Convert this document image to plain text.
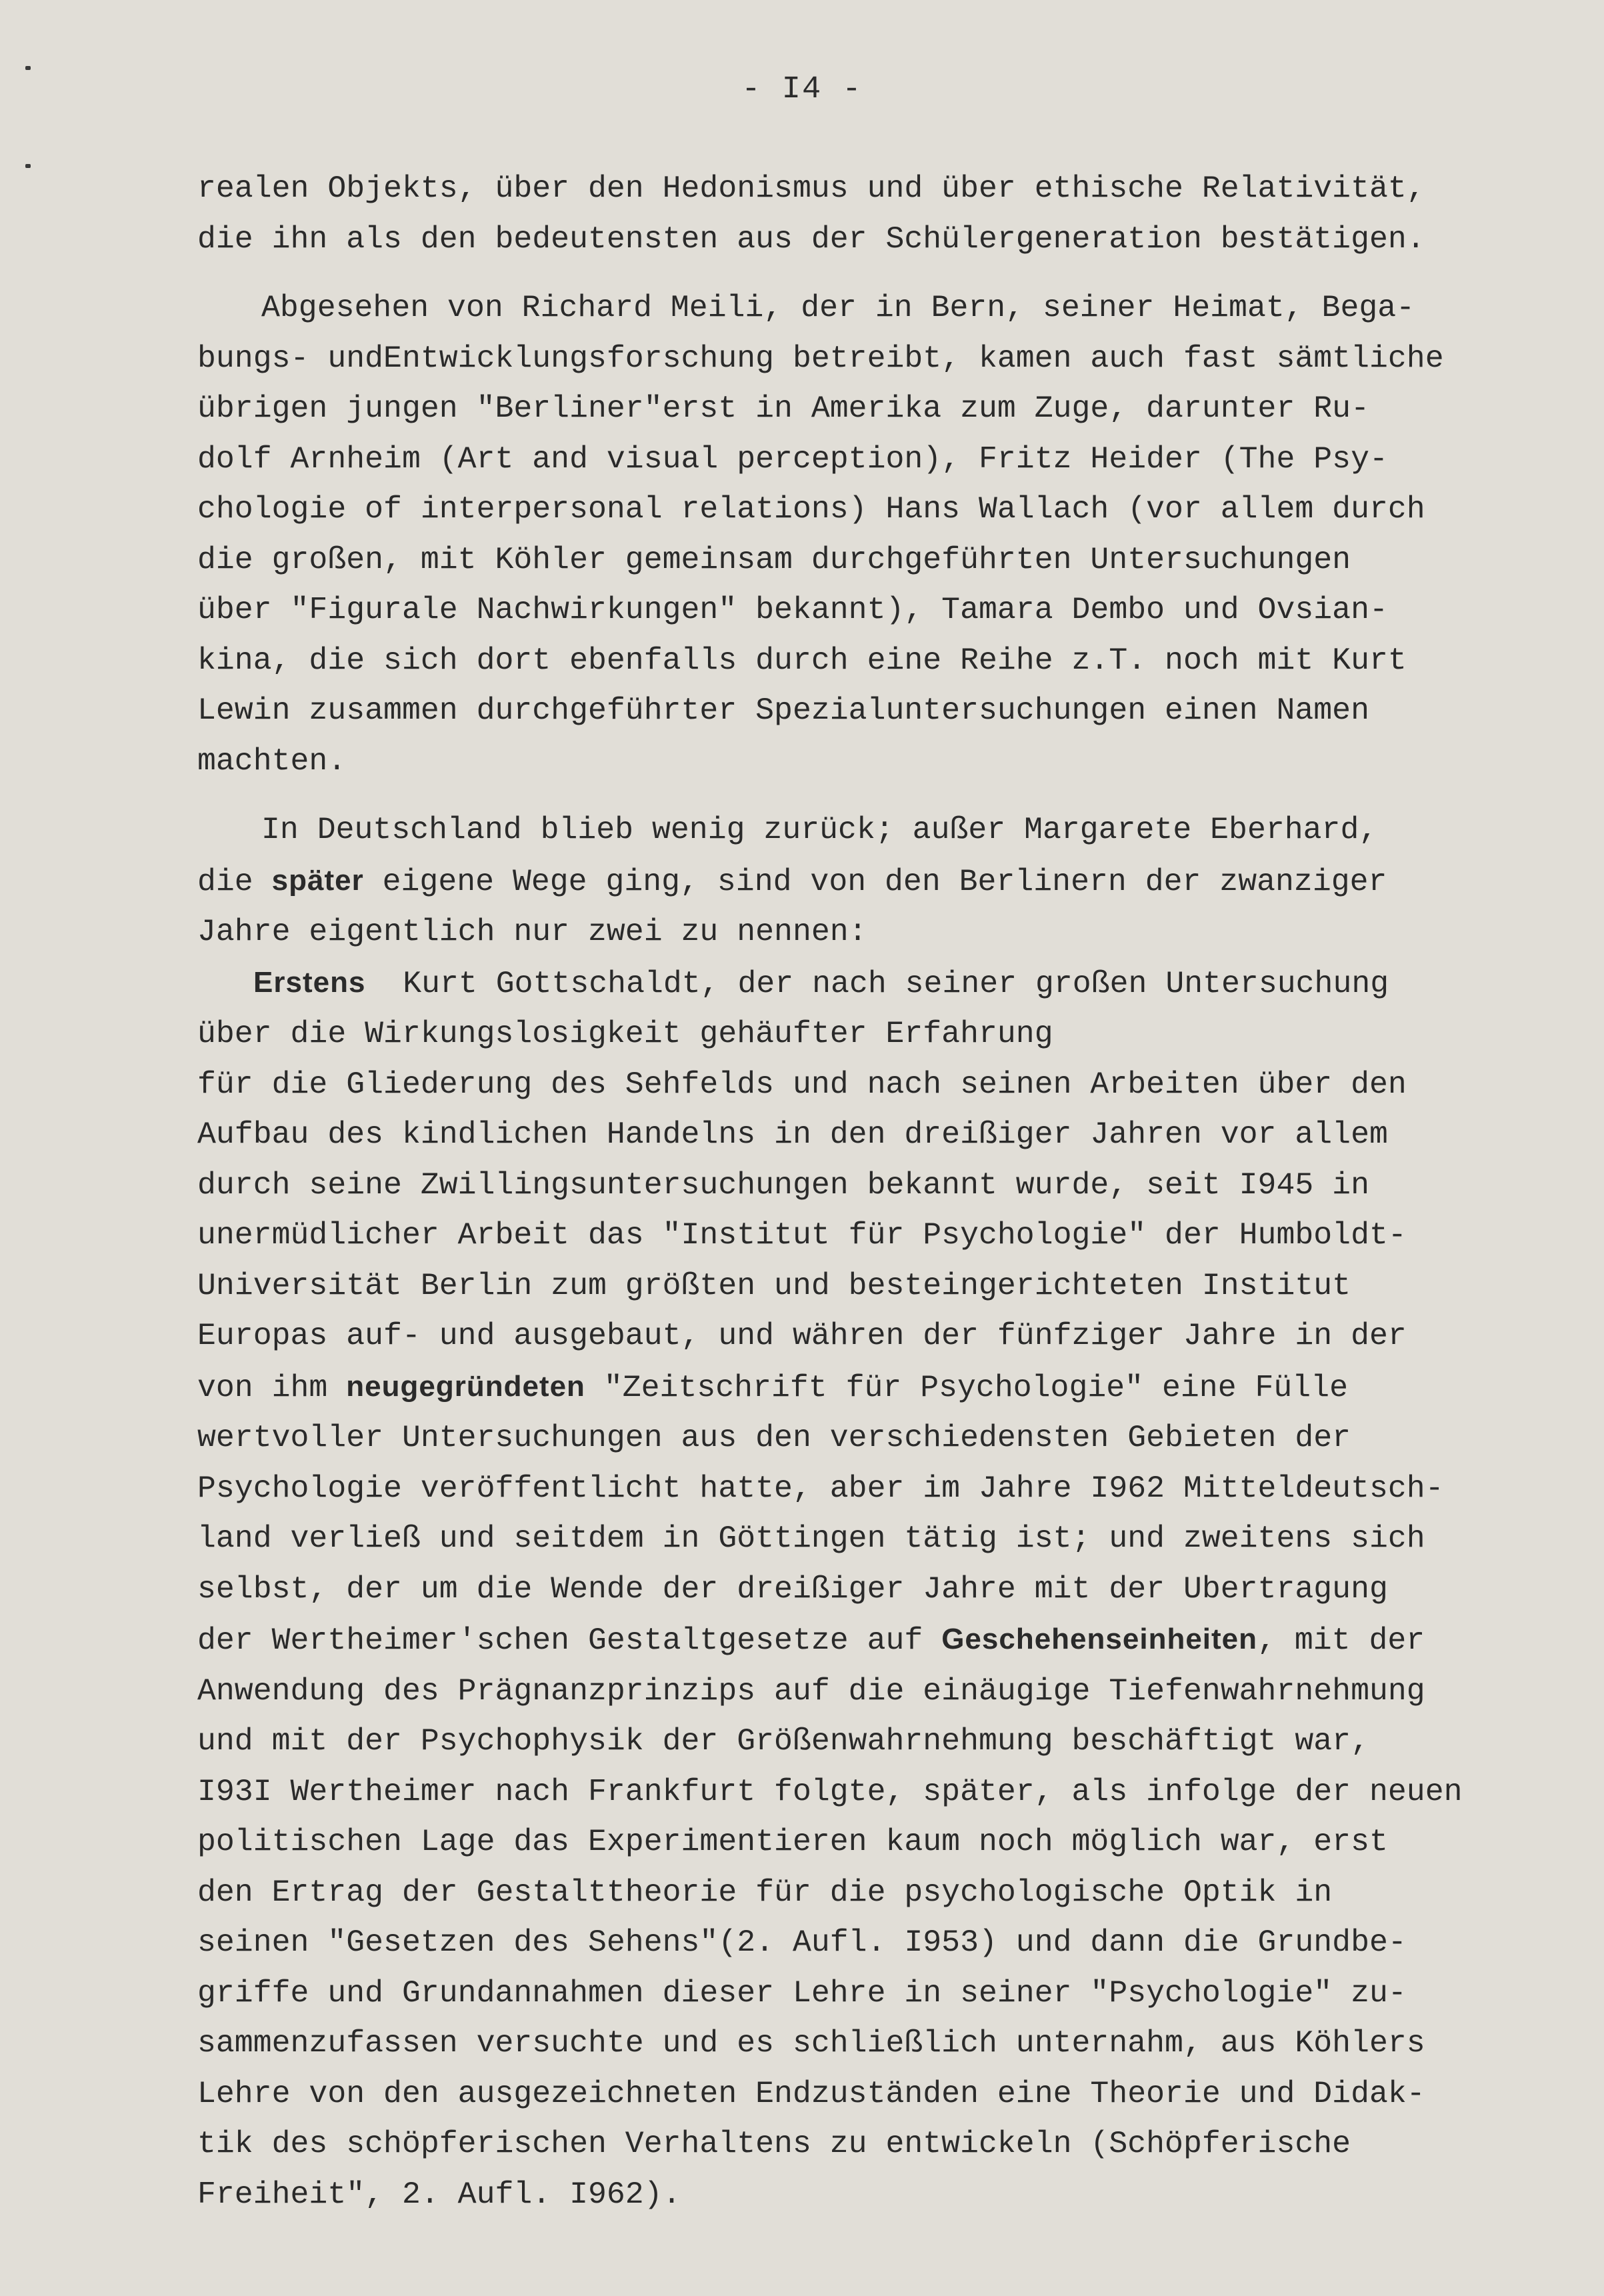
- I4 -
realen Objekts, über den Hedonismus und über ethische Relativität,
die ihn als den bedeutensten aus der Schülergeneration bestätigen.
Abgesehen von Richard Meili, der in Bern, seiner Heimat, Bega-
bungs- undEntwicklungsforschung betreibt, kamen auch fast sämtliche
übrigen jungen "Berliner"erst in Amerika zum Zuge, darunter Ru-
dolf Arnheim (Art and visual perception), Fritz Heider (The Psy-
chologie of interpersonal relations) Hans Wallach (vor allem durch
die großen, mit Köhler gemeinsam durchgeführten Untersuchungen
über "Figurale Nachwirkungen" bekannt), Tamara Dembo und Ovsian-
kina, die sich dort ebenfalls durch eine Reihe z.T. noch mit Kurt
Lewin zusammen durchgeführter Spezialuntersuchungen einen Namen
machten.
In Deutschland blieb wenig zurück; außer Margarete Eberhard,
die später eigene Wege ging, sind von den Berlinern der zwanziger
Jahre eigentlich nur zwei zu nennen:
Erstens  Kurt Gottschaldt, der nach seiner großen Untersuchung
über die Wirkungslosigkeit gehäufter Erfahrung
für die Gliederung des Sehfelds und nach seinen Arbeiten über den
Aufbau des kindlichen Handelns in den dreißiger Jahren vor allem
durch seine Zwillingsuntersuchungen bekannt wurde, seit I945 in
unermüdlicher Arbeit das "Institut für Psychologie" der Humboldt-
Universität Berlin zum größten und besteingerichteten Institut
Europas auf- und ausgebaut, und währen der fünfziger Jahre in der
von ihm neugegründeten "Zeitschrift für Psychologie" eine Fülle
wertvoller Untersuchungen aus den verschiedensten Gebieten der
Psychologie veröffentlicht hatte, aber im Jahre I962 Mitteldeutsch-
land verließ und seitdem in Göttingen tätig ist; und zweitens sich
selbst, der um die Wende der dreißiger Jahre mit der Ubertragung
der Wertheimer'schen Gestaltgesetze auf Geschehenseinheiten, mit der
Anwendung des Prägnanzprinzips auf die einäugige Tiefenwahrnehmung
und mit der Psychophysik der Größenwahrnehmung beschäftigt war,
I93I Wertheimer nach Frankfurt folgte, später, als infolge der neuen
politischen Lage das Experimentieren kaum noch möglich war, erst
den Ertrag der Gestalttheorie für die psychologische Optik in
seinen "Gesetzen des Sehens"(2. Aufl. I953) und dann die Grundbe-
griffe und Grundannahmen dieser Lehre in seiner "Psychologie" zu-
sammenzufassen versuchte und es schließlich unternahm, aus Köhlers
Lehre von den ausgezeichneten Endzuständen eine Theorie und Didak-
tik des schöpferischen Verhaltens zu entwickeln (Schöpferische
Freiheit", 2. Aufl. I962).
